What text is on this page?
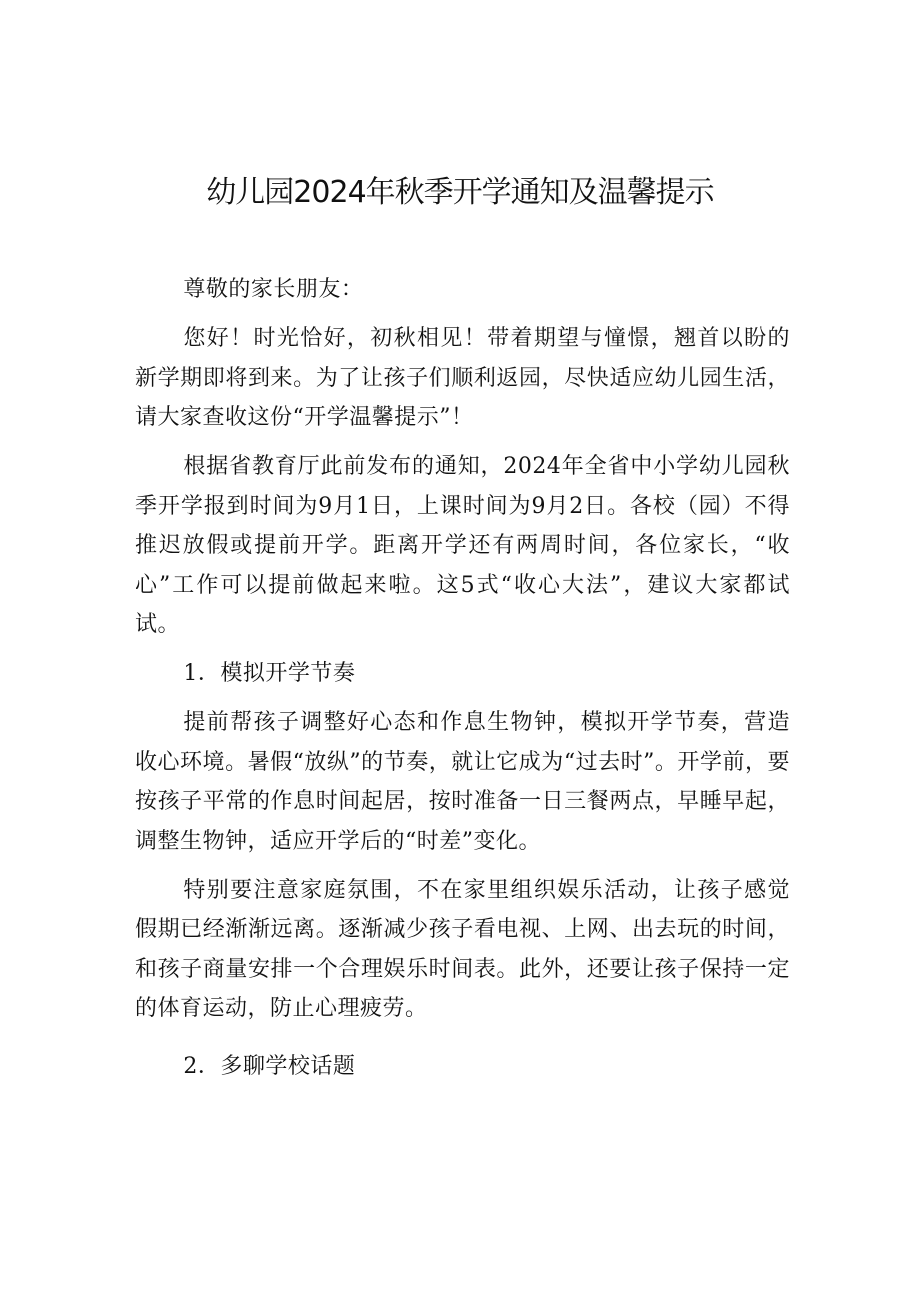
幼儿园2024年秋季开学通知及温馨提示

尊敬的家长朋友：

您好！时光恰好，初秋相见！带着期望与憧憬，翘首以盼的新学期即将到来。为了让孩子们顺利返园，尽快适应幼儿园生活，请大家查收这份“开学温馨提示”！

根据省教育厅此前发布的通知，2024年全省中小学幼儿园秋季开学报到时间为9月1日，上课时间为9月2日。各校（园）不得推迟放假或提前开学。距离开学还有两周时间，各位家长，“收心”工作可以提前做起来啦。这5式“收心大法”，建议大家都试试。

1．模拟开学节奏

提前帮孩子调整好心态和作息生物钟，模拟开学节奏，营造收心环境。暑假“放纵”的节奏，就让它成为“过去时”。开学前，要按孩子平常的作息时间起居，按时准备一日三餐两点，早睡早起，调整生物钟，适应开学后的“时差”变化。

特别要注意家庭氛围，不在家里组织娱乐活动，让孩子感觉假期已经渐渐远离。逐渐减少孩子看电视、上网、出去玩的时间，和孩子商量安排一个合理娱乐时间表。此外，还要让孩子保持一定的体育运动，防止心理疲劳。

2．多聊学校话题
